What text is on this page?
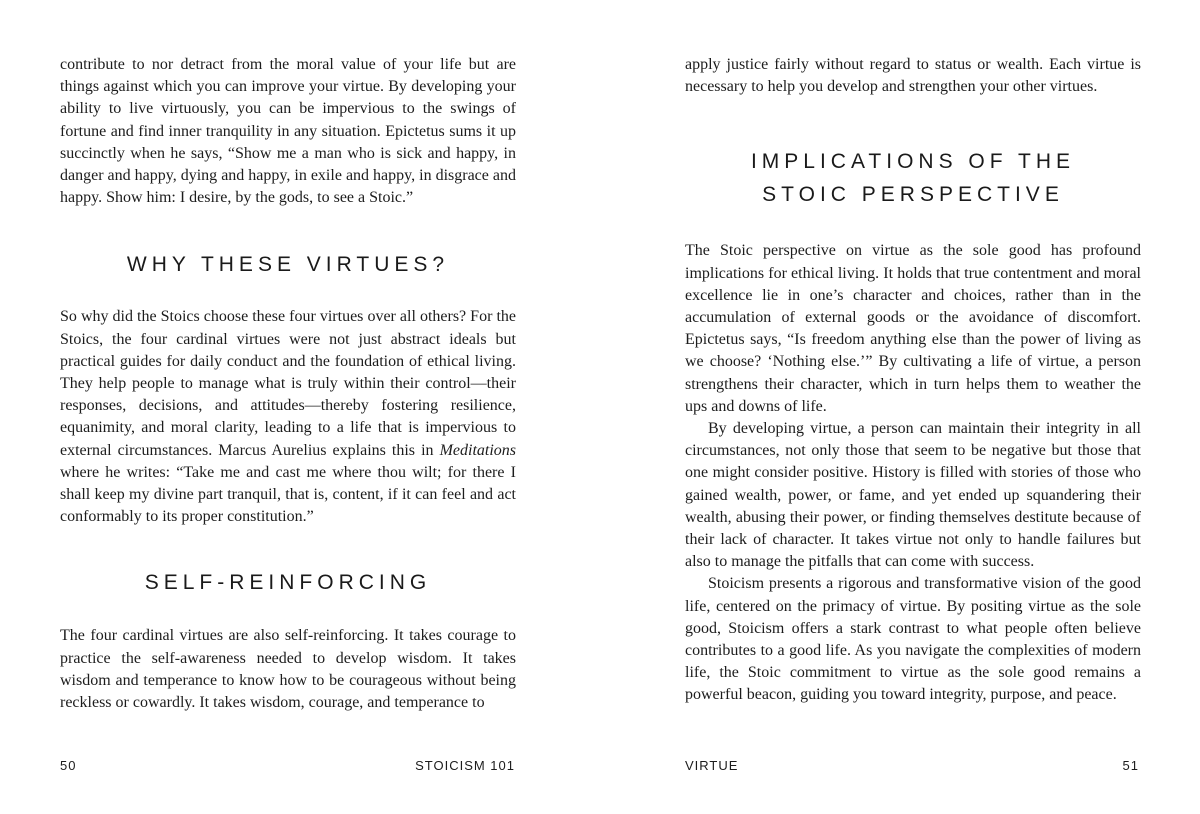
contribute to nor detract from the moral value of your life but are things against which you can improve your virtue. By developing your ability to live virtuously, you can be impervious to the swings of fortune and find inner tranquility in any situation. Epictetus sums it up succinctly when he says, “Show me a man who is sick and happy, in danger and happy, dying and happy, in exile and happy, in disgrace and happy. Show him: I desire, by the gods, to see a Stoic.”

WHY THESE VIRTUES?

So why did the Stoics choose these four virtues over all others? For the Stoics, the four cardinal virtues were not just abstract ideals but practical guides for daily conduct and the foundation of ethical living. They help people to manage what is truly within their control—their responses, decisions, and attitudes—thereby fostering resilience, equanimity, and moral clarity, leading to a life that is impervious to external circumstances. Marcus Aurelius explains this in Meditations where he writes: “Take me and cast me where thou wilt; for there I shall keep my divine part tranquil, that is, content, if it can feel and act conformably to its proper constitution.”

SELF-REINFORCING

The four cardinal virtues are also self-reinforcing. It takes courage to practice the self-awareness needed to develop wisdom. It takes wisdom and temperance to know how to be courageous without being reckless or cowardly. It takes wisdom, courage, and temperance to

50	STOICISM 101

apply justice fairly without regard to status or wealth. Each virtue is necessary to help you develop and strengthen your other virtues.

IMPLICATIONS OF THE
STOIC PERSPECTIVE

The Stoic perspective on virtue as the sole good has profound implications for ethical living. It holds that true contentment and moral excellence lie in one’s character and choices, rather than in the accumulation of external goods or the avoidance of discomfort. Epictetus says, “Is freedom anything else than the power of living as we choose? ‘Nothing else.’” By cultivating a life of virtue, a person strengthens their character, which in turn helps them to weather the ups and downs of life.

By developing virtue, a person can maintain their integrity in all circumstances, not only those that seem to be negative but those that one might consider positive. History is filled with stories of those who gained wealth, power, or fame, and yet ended up squandering their wealth, abusing their power, or finding themselves destitute because of their lack of character. It takes virtue not only to handle failures but also to manage the pitfalls that can come with success.

Stoicism presents a rigorous and transformative vision of the good life, centered on the primacy of virtue. By positing virtue as the sole good, Stoicism offers a stark contrast to what people often believe contributes to a good life. As you navigate the complexities of modern life, the Stoic commitment to virtue as the sole good remains a powerful beacon, guiding you toward integrity, purpose, and peace.

VIRTUE	51
